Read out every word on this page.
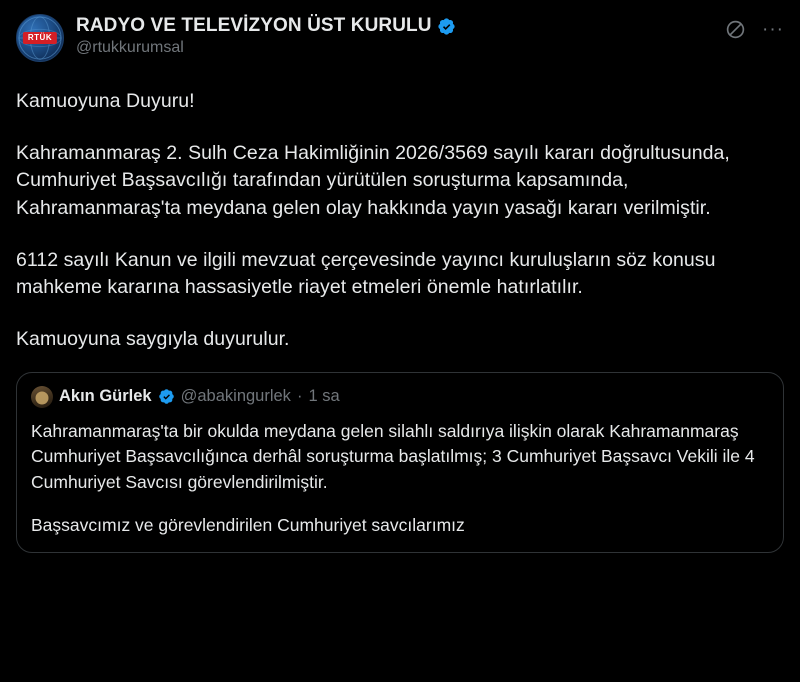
RTÜK
RADYO VE TELEVİZYON ÜST KURULU
@rtukkurumsal
···

Kamuoyuna Duyuru!

Kahramanmaraş 2. Sulh Ceza Hakimliğinin 2026/3569 sayılı kararı doğrultusunda, Cumhuriyet Başsavcılığı tarafından yürütülen soruşturma kapsamında, Kahramanmaraş'ta meydana gelen olay hakkında yayın yasağı kararı verilmiştir.

6112 sayılı Kanun ve ilgili mevzuat çerçevesinde yayıncı kuruluşların söz konusu mahkeme kararına hassasiyetle riayet etmeleri önemle hatırlatılır.

Kamuoyuna saygıyla duyurulur.

Akın Gürlek @abakingurlek · 1 sa

Kahramanmaraş'ta bir okulda meydana gelen silahlı saldırıya ilişkin olarak Kahramanmaraş Cumhuriyet Başsavcılığınca derhâl soruşturma başlatılmış; 3 Cumhuriyet Başsavcı Vekili ile 4 Cumhuriyet Savcısı görevlendirilmiştir.

Başsavcımız ve görevlendirilen Cumhuriyet savcılarımız
